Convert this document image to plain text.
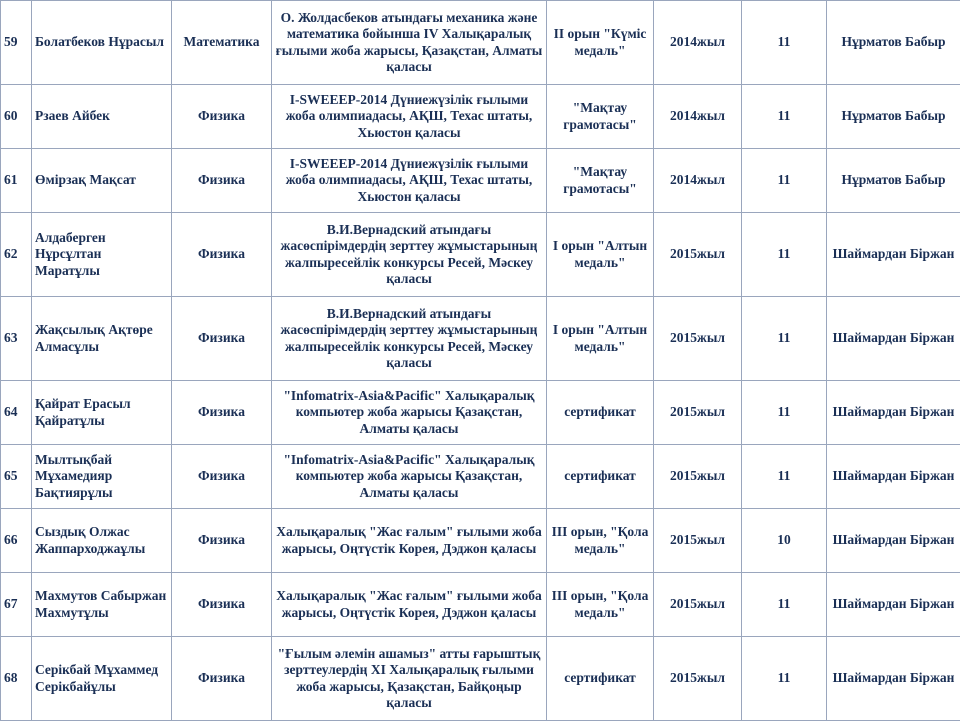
59	Болатбеков Нұрасыл	Математика	О. Жолдасбеков атындағы механика және математика бойынша IV Халықаралық ғылыми жоба жарысы, Қазақстан, Алматы қаласы	II орын "Күміс медаль"	2014жыл	11	Нұрматов Бабыр
60	Рзаев Айбек	Физика	I-SWEEEP-2014 Дүниежүзілік ғылыми жоба олимпиадасы, АҚШ, Техас штаты, Хьюстон қаласы	"Мақтау грамотасы"	2014жыл	11	Нұрматов Бабыр
61	Өмірзақ Мақсат	Физика	I-SWEEEP-2014 Дүниежүзілік ғылыми жоба олимпиадасы, АҚШ, Техас штаты, Хьюстон қаласы	"Мақтау грамотасы"	2014жыл	11	Нұрматов Бабыр
62	Алдаберген Нұрсұлтан Маратұлы	Физика	В.И.Вернадский атындағы жасөспірімдердің зерттеу жұмыстарының жалпыресейлік конкурсы Ресей, Мәскеу қаласы	I орын "Алтын медаль"	2015жыл	11	Шаймардан Біржан
63	Жақсылық Ақтөре Алмасұлы	Физика	В.И.Вернадский атындағы жасөспірімдердің зерттеу жұмыстарының жалпыресейлік конкурсы Ресей, Мәскеу қаласы	I орын "Алтын медаль"	2015жыл	11	Шаймардан Біржан
64	Қайрат Ерасыл Қайратұлы	Физика	"Infomatrix-Asia&Pacific" Халықаралық компьютер жоба жарысы Қазақстан, Алматы қаласы	сертификат	2015жыл	11	Шаймардан Біржан
65	Мылтықбай Мұхамедияр Бақтиярұлы	Физика	"Infomatrix-Asia&Pacific" Халықаралық компьютер жоба жарысы Қазақстан, Алматы қаласы	сертификат	2015жыл	11	Шаймардан Біржан
66	Сыздық Олжас Жаппарходжаұлы	Физика	Халықаралық "Жас ғалым" ғылыми жоба жарысы, Оңтүстік Корея, Дэджон қаласы	III орын, "Қола медаль"	2015жыл	10	Шаймардан Біржан
67	Махмутов Сабыржан Махмутұлы	Физика	Халықаралық "Жас ғалым" ғылыми жоба жарысы, Оңтүстік Корея, Дэджон қаласы	III орын, "Қола медаль"	2015жыл	11	Шаймардан Біржан
68	Серікбай Мұхаммед Серікбайұлы	Физика	"Ғылым әлемін ашамыз" атты ғарыштық зерттеулердің XI Халықаралық ғылыми жоба жарысы, Қазақстан, Байқоңыр қаласы	сертификат	2015жыл	11	Шаймардан Біржан
